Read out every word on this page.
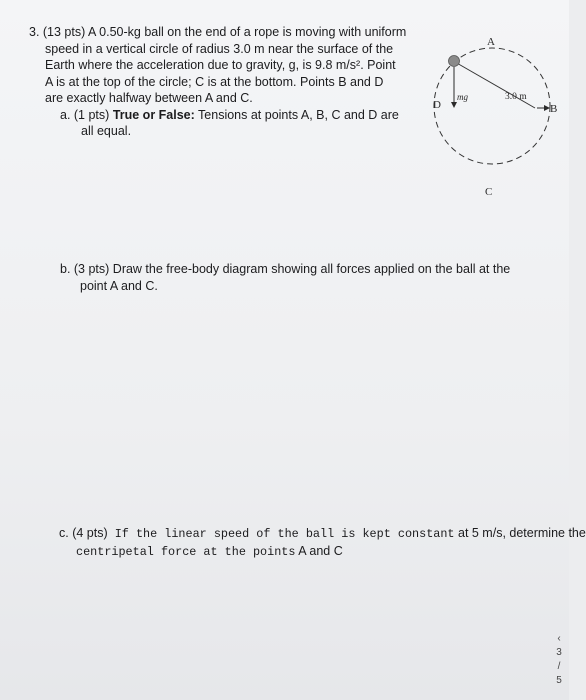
3. (13 pts) A 0.50-kg ball on the end of a rope is moving with uniform
speed in a vertical circle of radius 3.0 m near the surface of the
Earth where the acceleration due to gravity, g, is 9.8 m/s². Point
A is at the top of the circle; C is at the bottom. Points B and D
are exactly halfway between A and C.
a. (1 pts) True or False: Tensions at points A, B, C and D are
all equal.
A
B
C
D
3.0 m
mg
b. (3 pts) Draw the free-body diagram showing all forces applied on the ball at the
point A and C.
c. (4 pts) If the linear speed of the ball is kept constant at 5 m/s, determine the
centripetal force at the points A and C
‹
3
/
5
